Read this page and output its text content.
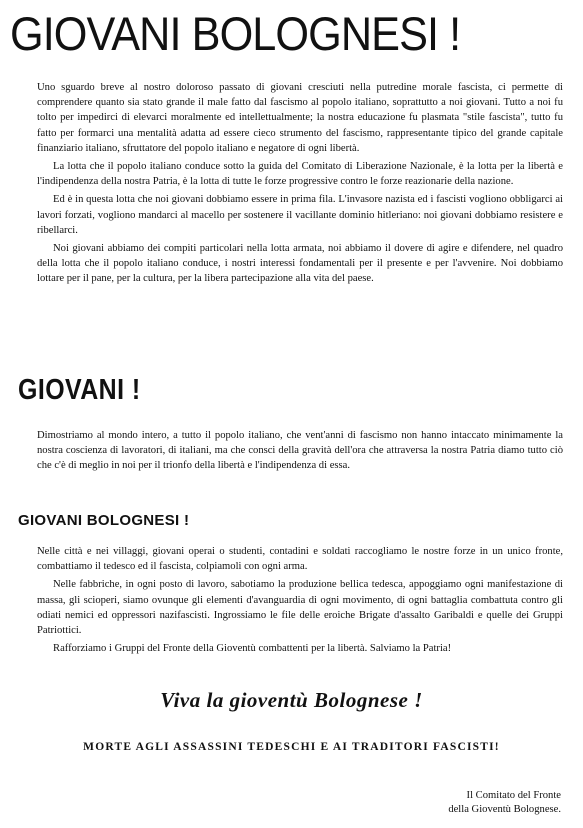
GIOVANI BOLOGNESI !

Uno sguardo breve al nostro doloroso passato di giovani cresciuti nella putredine morale fascista, ci permette di comprendere quanto sia stato grande il male fatto dal fascismo al popolo italiano, soprattutto a noi giovani. Tutto a noi fu tolto per impedirci di elevarci moralmente ed intellettualmente; la nostra educazione fu plasmata "stile fascista", tutto fu fatto per formarci una mentalità adatta ad essere cieco strumento del fascismo, rappresentante tipico del grande capitale finanziario italiano, sfruttatore del popolo italiano e negatore di ogni libertà.

La lotta che il popolo italiano conduce sotto la guida del Comitato di Liberazione Nazionale, è la lotta per la libertà e l'indipendenza della nostra Patria, è la lotta di tutte le forze progressive contro le forze reazionarie della nazione.

Ed è in questa lotta che noi giovani dobbiamo essere in prima fila. L'invasore nazista ed i fascisti vogliono obbligarci ai lavori forzati, vogliono mandarci al macello per sostenere il vacillante dominio hitleriano: noi giovani dobbiamo resistere e ribellarci.

Noi giovani abbiamo dei compiti particolari nella lotta armata, noi abbiamo il dovere di agire e difendere, nel quadro della lotta che il popolo italiano conduce, i nostri interessi fondamentali per il presente e per l'avvenire. Noi dobbiamo lottare per il pane, per la cultura, per la libera partecipazione alla vita del paese.

GIOVANI !

Dimostriamo al mondo intero, a tutto il popolo italiano, che vent'anni di fascismo non hanno intaccato minimamente la nostra coscienza di lavoratori, di italiani, ma che consci della gravità dell'ora che attraversa la nostra Patria diamo tutto ciò che c'è di meglio in noi per il trionfo della libertà e l'indipendenza di essa.

GIOVANI BOLOGNESI !

Nelle città e nei villaggi, giovani operai o studenti, contadini e soldati raccogliamo le nostre forze in un unico fronte, combattiamo il tedesco ed il fascista, colpiamoli con ogni arma.

Nelle fabbriche, in ogni posto di lavoro, sabotiamo la produzione bellica tedesca, appoggiamo ogni manifestazione di massa, gli scioperi, siamo ovunque gli elementi d'avanguardia di ogni movimento, di ogni battaglia combattuta contro gli odiati nemici ed oppressori nazifascisti. Ingrossiamo le file delle eroiche Brigate d'assalto Garibaldi e quelle dei Gruppi Patriottici.

Rafforziamo i Gruppi del Fronte della Gioventù combattenti per la libertà. Salviamo la Patria!

Viva la gioventù Bolognese !
MORTE AGLI ASSASSINI TEDESCHI E AI TRADITORI FASCISTI!
Il Comitato del Fronte
della Gioventù Bolognese.
